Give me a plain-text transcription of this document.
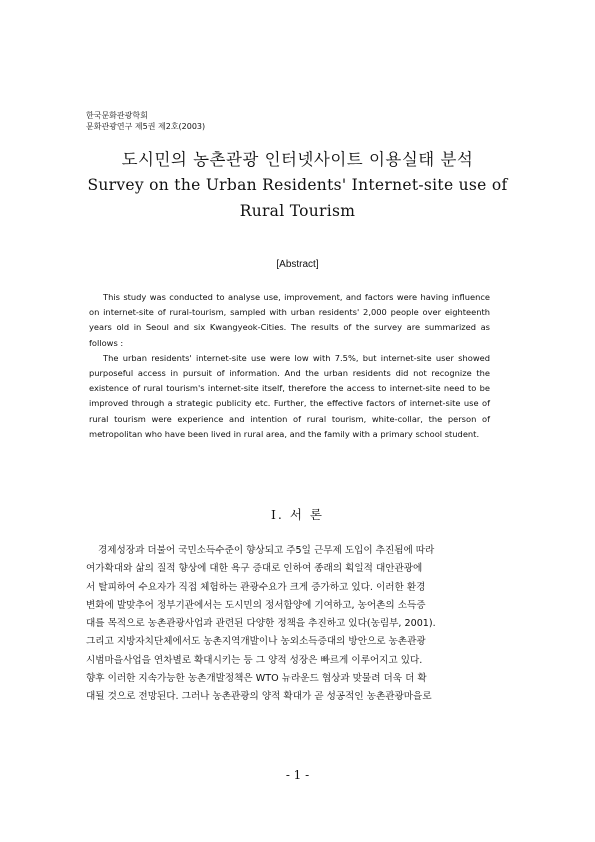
한국문화관광학회
문화관광연구 제5권 제2호(2003)
도시민의 농촌관광 인터넷사이트 이용실태 분석
Survey on the Urban Residents' Internet-site use of
Rural Tourism
[Abstract]

This study was conducted to analyse use, improvement, and factors were having influence on internet-site of rural-tourism, sampled with urban residents' 2,000 people over eighteenth years old in Seoul and six Kwangyeok-Cities. The results of the survey are summarized as follows :

The urban residents' internet-site use were low with 7.5%, but internet-site user showed purposeful access in pursuit of information. And the urban residents did not recognize the existence of rural tourism's internet-site itself, therefore the access to internet-site need to be improved through a strategic publicity etc. Further, the effective factors of internet-site use of rural tourism were experience and intention of rural tourism, white-collar, the person of metropolitan who have been lived in rural area, and the family with a primary school student.

Ⅰ. 서 론
경제성장과 더불어 국민소득수준이 향상되고 주5일 근무제 도입이 추진됨에 따라
여가확대와 삶의 질적 향상에 대한 욕구 증대로 인하여 종래의 획일적 대안관광에
서 탈피하여 수요자가 직접 체험하는 관광수요가 크게 증가하고 있다. 이러한 환경
변화에 발맞추어 정부기관에서는 도시민의 정서함양에 기여하고, 농어촌의 소득증
대를 목적으로 농촌관광사업과 관련된 다양한 정책을 추진하고 있다(농림부, 2001).
그리고 지방자치단체에서도 농촌지역개발이나 농외소득증대의 방안으로 농촌관광
시범마을사업을 연차별로 확대시키는 등 그 양적 성장은 빠르게 이루어지고 있다.
향후 이러한 지속가능한 농촌개발정책은 WTO 뉴라운드 협상과 맞물려 더욱 더 확
대될 것으로 전망된다. 그러나 농촌관광의 양적 확대가 곧 성공적인 농촌관광마을로
- 1 -
